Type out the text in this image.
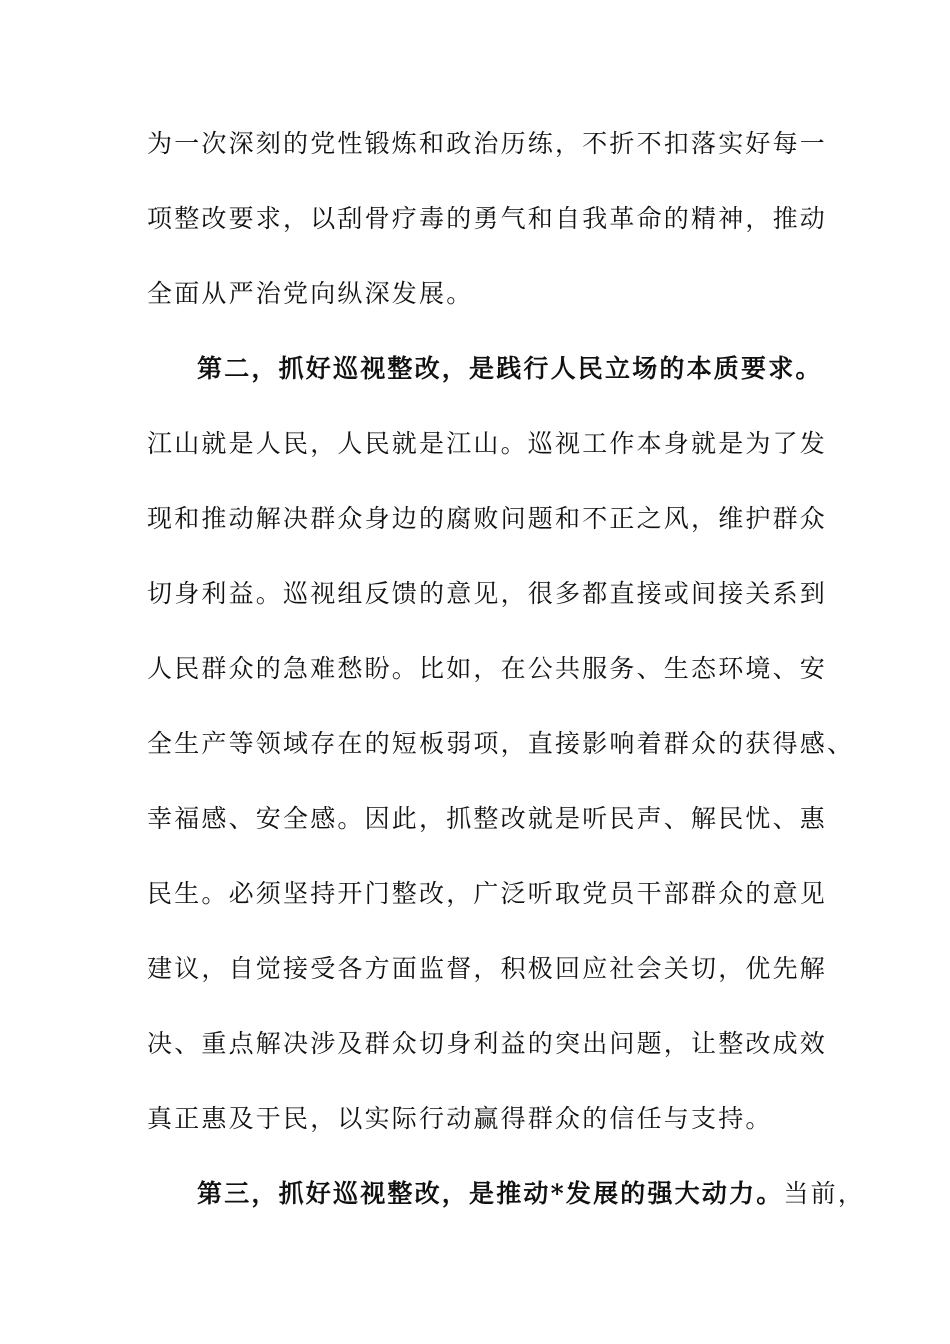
为一次深刻的党性锻炼和政治历练，不折不扣落实好每一
项整改要求，以刮骨疗毒的勇气和自我革命的精神，推动
全面从严治党向纵深发展。
第二，抓好巡视整改，是践行人民立场的本质要求。
江山就是人民，人民就是江山。巡视工作本身就是为了发
现和推动解决群众身边的腐败问题和不正之风，维护群众
切身利益。巡视组反馈的意见，很多都直接或间接关系到
人民群众的急难愁盼。比如，在公共服务、生态环境、安
全生产等领域存在的短板弱项，直接影响着群众的获得感、
幸福感、安全感。因此，抓整改就是听民声、解民忧、惠
民生。必须坚持开门整改，广泛听取党员干部群众的意见
建议，自觉接受各方面监督，积极回应社会关切，优先解
决、重点解决涉及群众切身利益的突出问题，让整改成效
真正惠及于民，以实际行动赢得群众的信任与支持。
第三，抓好巡视整改，是推动*发展的强大动力。当前，
